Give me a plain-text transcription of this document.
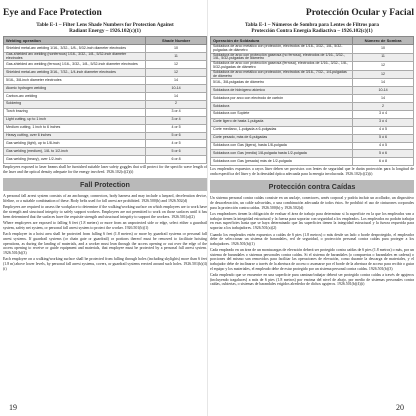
Eye and Face Protection
Table E-1 – Filter Lens Shade Numbers for Protection Against
Radiant Energy – 1926.102(c)(1)
Welding operation	Shade Number
Shielded metal-arc welding 1/16-, 3/32-, 1/8-, 5/32-inch diameter electrodes	10
Gas-shielded arc welding (nonferrous) 1/16-, 3/32-, 1/8-, 5/32-inch diameter electrodes	11
Gas-shielded arc welding (ferrous) 1/16-, 3/32-, 1/8-, 5/32-inch diameter electrodes	12
Shielded metal-arc welding 3/16-, 7/32-, 1/4-inch diameter electrodes	12
5/16-, 3/8-inch diameter electrodes	14
Atomic hydrogen welding	10-14
Carbon-arc welding	14
Soldering	2
Torch brazing	3 or 4
Light cutting, up to 1 inch	3 or 4
Medium cutting, 1 inch to 6 inches	4 or 5
Heavy cutting, over 6 inches	5 or 6
Gas welding (light), up to 1/8-inch	4 or 5
Gas welding (medium), 1/8- to 1/2-inch	5 or 6
Gas welding (heavy), over 1/2-inch	6 or 8

Employees exposed to laser beams shall be furnished suitable laser safety goggles that will protect for the specific wave length of the laser and the optical density adequate for the energy involved. 1926.102(c)(2)(i)

Fall Protection

A personal fall arrest system consists of an anchorage, connectors, body harness and may include a lanyard, deceleration device, lifeline, or a suitable combination of these. Body belts used for fall arrest are prohibited. 1926.500(b) and 1926.502(d)

Employees are required to assess the workplace to determine if the walking/working surface on which employees are to work have the strength and structural integrity to safely support workers. Employees are not permitted to work on those surfaces until it has been determined that the surfaces have the requisite strength and structural integrity to support the workers. 1926.501(a)(2)

Where employees are exposed to falling 6 feet (1.8 meters) or more from an unprotected side or edge, select either a guardrail system, safety net system, or personal fall arrest system to protect the worker. 1926.501(b)(1)

Each employee in a hoist area shall be protected from falling 6 feet (1.8 meters) or more by guardrail systems or personal fall arrest systems. If guardrail systems (or chain gate or guardrail) or portions thereof must be removed to facilitate hoisting operations, as during the landing of materials, and a worker must lean through the access opening or out over the edge of the access opening to receive or guide equipment and materials, that employee must be protected by a personal fall arrest system. 1926.501(b)(3)

Each employee on a walking/working surface shall be protected from falling through holes (including skylights) more than 6 feet (1.8 m) above lower levels, by personal fall arrest systems, covers, or guardrail systems erected around such holes. 1926.501(b)(4)(i)

19
Protección Ocular y Facial
Tabla E-1 – Números de Sombra para Lentes de Filtros para
Protección Contra Energía Radiactiva – 1926.102(c)(1)
Operación de Soldadura	Número de Sombra
Soldadura de arco metálico con protección, electrodos de 1/16-, 3/32-, 1/8-, 5/32-pulgadas de diámetro	10
Soldadura de arco con protección gaseosa (no ferrosa), electrodos de 1/16-, 3/32-, 1/8-, 5/32-pulgadas de diámetro	11
Soldadura de arco con protección gaseosa (ferrosa), electrodos de 1/16-, 3/32-, 1/8-, 5/32-pulgadas de diámetro	12
Soldadura de arco metálico con protección, electrodos de 3/16-, 7/32-, 1/4-pulgadas de diámetro	12
5/16-, 3/8-pulgadas de diámetro	14
Soldadura de hidrógeno atómico	10-14
Soldadura por arco con electrodo de carbón	14
Soldadura	2
Soldadura con Soplete	3 ó 4
Corte ligero de hasta 1-pulgada	3 ó 4
Corte mediano, 1-pulgada a 6-pulgadas	4 ó 5
Corte pesado, más de 6-pulgadas	5 ó 6
Soldadura con Gas (ligera), hasta 1/8-pulgada	4 ó 5
Soldadura con Gas (media) 1/8-pulgada hasta 1/2-pulgada	5 ó 6
Soldadura con Gas (pesada) más de 1/2-pulgada	6 ó 8

Los empleados expuestos a rayos láser deben ser provistos con lentes de seguridad que le darán protección para la longitud de onda específica del láser y de la densidad óptica adecuada para la energía involucrada. 1926.102(c)(2)(i)

Protección contra Caídas

Un sistema personal contra caídas consiste en un anclaje, conectores, arnés corporal y podría incluir un acollador, un dispositivo de desaceleración, un cable salvavidas, o una combinación adecuada de todos éstos. Se prohibió el uso de cinturones corporales para la protección contra caídas. 1926.500(b) y 1926.502(d)

Los empleadores tienen la obligación de evaluar el área de trabajo para determinar si la superficie en la que los empleados van a trabajar tienen la integridad estructural y la fuerza para soportar con seguridad a los empleados. Los empleados no podrán trabajar en esas superficies hasta que se haya determinado que las superficies tienen la integridad estructural y la fuerza requerida para soportar a los trabajadores. 1926.501(a)(2)

Cuando los empleados estén expuestos a caídas de 6 pies (1.8 metros) o más desde un lado o borde desprotegido, el empleador debe de seleccionar un sistema de barandales, red de seguridad, o protección personal contra caídas para proteger a los trabajadores. 1926.501(b)(1)

Cada empleado en un área de un montacargas de elevación deberá ser protegido contra caídas de 6 pies (1.8 metros) o más, por un sistema de barandales o sistemas personales contra caídas. Si el sistema de barandales (o compuertas o barandales en cadena) o porciones del mismo son removidos para facilitar las operaciones de elevación, como durante la descarga de materiales, y el trabajador debe de inclinarse a través de la abertura de acceso o asomarse por el borde de la abertura de acceso para recibir o guiar el equipo y los materiales, el empleado debe de estar protegido por un sistema personal contra caídas. 1926.501(b)(3)

Cada empleado que se encuentre en una superficie para caminar/trabajar deberá ser protegido contra caídas a través de agujeros (incluyendo tragaluces) a más de 6 pies (1.8 metros) por encima del nivel de abajo, por medio de sistemas personales contra caídas, cubiertas, o sistemas de barandales erigidos alrededor de dichos agujeros. 1926.501(b)(4)(i)

20
